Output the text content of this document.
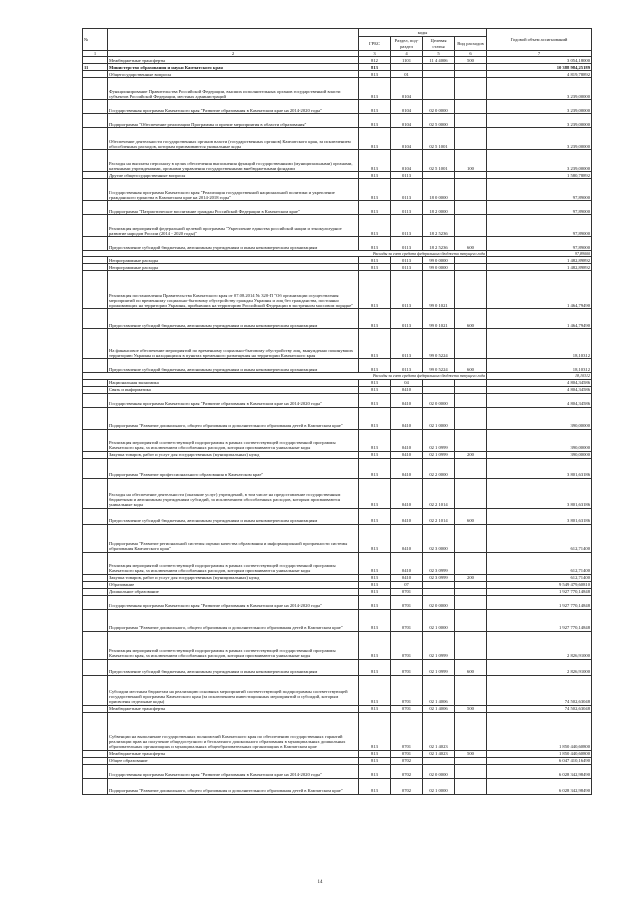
№		коды				Годовой объем ассигнований
		ГРБС	Раздел, под-раздел	Целевая статья	Вид расходов	
1	2	3	4	5	6	7
	Межбюджетные трансферты	812	1101	11 4 4006	500	3 054,18000
11	Министерство образования и науки Камчатского края	813				10 388 984,25189
	Общегосударственные вопросы	813	01			4 819,78892
	Функционирование Правительства Российской Федерации, высших исполнительных органов государственной власти субъектов Российской Федерации, местных администраций	813	0104			3 239,00000
	Государственная программа Камчатского края "Развитие образования в Камчатском крае на 2014-2020 годы"	813	0104	02 0 0000		3 239,00000
	Подпрограмма "Обеспечение реализации Программы и прочие мероприятия в области образования"	813	0104	02 5 0000		3 239,00000
	Обеспечение деятельности государственных органов власти (государственных органов) Камчатского края, за исключением обособленных расходов, которым присваиваются уникальные коды	813	0104	02 5 1001		3 239,00000
	Расходы на выплаты персоналу в целях обеспечения выполнения функций государственными (муниципальными) органами, казенными учреждениями, органами управления государственными внебюджетными фондами	813	0104	02 5 1001	100	3 239,00000
	Другие общегосударственные вопросы	813	0113			1 580,78892
	Государственная программа Камчатского края "Реализация государственной национальной политики и укрепление гражданского единства в Камчатском крае на 2014-2018 годы"	813	0113	18 0 0000		97,89000
	Подпрограмма "Патриотическое воспитание граждан Российской Федерации в Камчатском крае"	813	0113	18 2 0000		97,89000
	Реализация мероприятий федеральной целевой программы "Укрепление единства российской нации и этнокультурное развитие народов России (2014 - 2020 годы)"	813	0113	18 2 5236		97,89000
	Предоставление субсидий бюджетным, автономным учреждениям и иным некоммерческим организациям	813	0113	18 2 5236	600	97,89000
Расходы за счет средств федерального бюджета текущего года						97,89000
	Непрограммные расходы	813	0113	99 0 0000		1 482,89892
	Непрограммные расходы	813	0113	99 0 0000		1 482,89892
	Реализация постановления Правительства Камчатского края от 07.08.2014 № 320-П "Об организации осуществления мероприятий по временному социально-бытовому обустройству граждан Украины и лиц без гражданства, постоянно проживающих на территории Украины, прибывших на территорию Российской Федерации в экстренном массовом порядке"	813	0113	99 0 1021		1 464,79490
	Предоставление субсидий бюджетным, автономным учреждениям и иным некоммерческим организациям	813	0113	99 0 1021	600	1 464,79490
	На финансовое обеспечение мероприятий по временному социально-бытовому обустройству лиц, вынужденно покинувших территорию Украины и находящихся в пунктах временного размещения на территории Камчатского края	813	0113	99 0 5224		18,10312
	Предоставление субсидий бюджетным, автономным учреждениям и иным некоммерческим организациям	813	0113	99 0 5224	600	18,10312
Расходы за счет средств федерального бюджета текущего года						18,10312
	Национальная экономика	813	04			4 804,34586
	Связь и информатика	813	0410			4 804,34586
	Государственная программа Камчатского края "Развитие образования в Камчатском крае на 2014-2020 годы"	813	0410	02 0 0000		4 804,34586
	Подпрограмма "Развитие дошкольного, общего образования и дополнительного образования детей в Камчатском крае"	813	0410	02 1 0000		390,00000
	Реализация мероприятий соответствующей подпрограммы в рамках соответствующей государственной программы Камчатского края, за исключением обособленных расходов, которым присваиваются уникальные коды	813	0410	02 1 0999		390,00000
	Закупка товаров, работ и услуг для государственных (муниципальных) нужд	813	0410	02 1 0999	200	390,00000
	Подпрограмма "Развитие профессионального образования в Камчатском крае"	813	0410	02 2 0000		3 801,63186
	Расходы на обеспечение деятельности (оказание услуг) учреждений, в том числе на предоставление государственным бюджетным и автономным учреждениям субсидий, за исключением обособленных расходов, которым присваиваются уникальные коды	813	0410	02 2 1014		3 801,63186
	Предоставление субсидий бюджетным, автономным учреждениям и иным некоммерческим организациям	813	0410	02 2 1014	600	3 801,63186
	Подпрограмма "Развитие региональной системы оценки качества образования и информационной прозрачности системы образования Камчатского края"	813	0410	02 3 0000		612,71400
	Реализация мероприятий соответствующей подпрограммы в рамках соответствующей государственной программы Камчатского края, за исключением обособленных расходов, которым присваиваются уникальные коды	813	0410	02 3 0999		612,71400
	Закупка товаров, работ и услуг для государственных (муниципальных) нужд	813	0410	02 3 0999	200	612,71400
	Образование	813	07			9 549 479,60810
	Дошкольное образование	813	0701			1 927 770,14848
	Государственная программа Камчатского края "Развитие образования в Камчатском крае на 2014-2020 годы"	813	0701	02 0 0000		1 927 770,14848
	Подпрограмма "Развитие дошкольного, общего образования и дополнительного образования детей в Камчатском крае"	813	0701	02 1 0000		1 927 770,14848
	Реализация мероприятий соответствующей подпрограммы в рамках соответствующей государственной программы Камчатского края, за исключением обособленных расходов, которым присваиваются уникальные коды	813	0701	02 1 0999		2 826,91000
	Предоставление субсидий бюджетным, автономным учреждениям и иным некоммерческим организациям	813	0701	02 1 0999	600	2 826,91000
	Субсидии местным бюджетам на реализацию основных мероприятий соответствующей подпрограммы соответствующей государственной программы Камчатского края (за исключением инвестиционных мероприятий и субсидий, которым присвоены отдельные коды)	813	0701	02 1 4006		74 502,63048
	Межбюджетные трансферты	813	0701	02 1 4006	500	74 502,63048
	Субвенции на выполнение государственных полномочий Камчатского края по обеспечению государственных гарантий реализации прав на получение общедоступного и бесплатного дошкольного образования в муниципальных дошкольных образовательных организациях и муниципальных общеобразовательных организациях в Камчатском крае	813	0701	02 1 4023		1 850 440,60800
	Межбюджетные трансферты	813	0701	02 1 4023	500	1 850 440,60800
	Общее образование	813	0702			6 047 410,16490
	Государственная программа Камчатского края "Развитие образования в Камчатском крае на 2014-2020 годы"	813	0702	02 0 0000		6 028 342,98490
	Подпрограмма "Развитие дошкольного, общего образования и дополнительного образования детей в Камчатском крае"	813	0702	02 1 0000		6 028 342,98490
14
